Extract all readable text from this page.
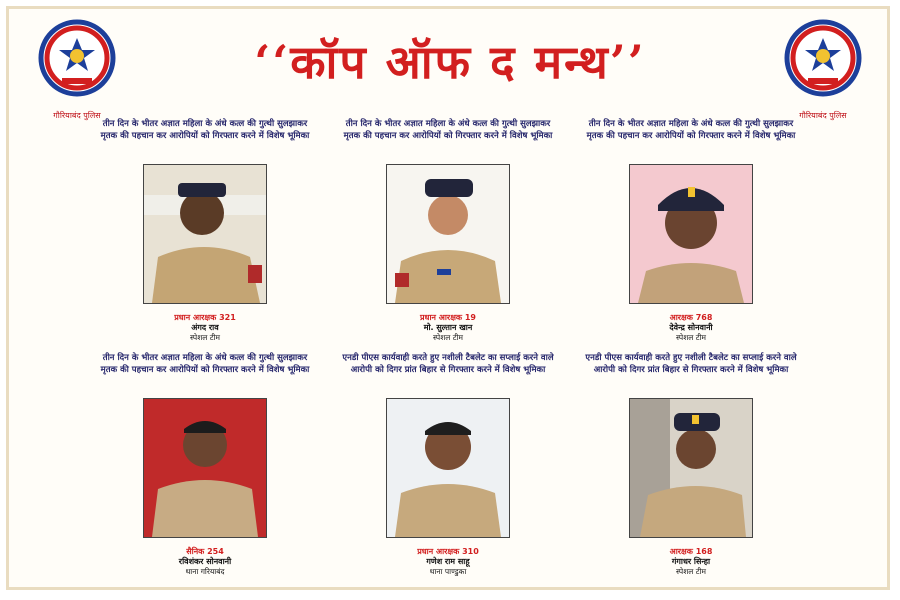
गौरियाबंद पुलिस	गौरियाबंद पुलिस
‘‘कॉप ऑफ द मन्थ’’
तीन दिन के भीतर अज्ञात महिला के अंधे कत्ल की गुत्थी सुलझाकर मृतक की पहचान कर आरोपियों को गिरफ्तार करने में विशेष भूमिका
प्रधान आरक्षक 321
अंगद राव
स्पेशल टीम
तीन दिन के भीतर अज्ञात महिला के अंधे कत्ल की गुत्थी सुलझाकर मृतक की पहचान कर आरोपियों को गिरफ्तार करने में विशेष भूमिका
प्रधान आरक्षक 19
मो. सुल्तान खान
स्पेशल टीम
तीन दिन के भीतर अज्ञात महिला के अंधे कत्ल की गुत्थी सुलझाकर मृतक की पहचान कर आरोपियों को गिरफ्तार करने में विशेष भूमिका
आरक्षक 768
देवेन्द्र सोनवानी
स्पेशल टीम
तीन दिन के भीतर अज्ञात महिला के अंधे कत्ल की गुत्थी सुलझाकर मृतक की पहचान कर आरोपियों को गिरफ्तार करने में विशेष भूमिका
सैनिक 254
रविशंकर सोनवानी
थाना गरियाबंद
एनडी पीएस कार्यवाही करते हुए नशीली टैबलेट का सप्लाई करने वाले आरोपी को दिगर प्रांत बिहार से गिरफ्तार करने में विशेष भूमिका
प्रधान आरक्षक 310
गणेश राम साहू
थाना पाण्डुका
एनडी पीएस कार्यवाही करते हुए नशीली टैबलेट का सप्लाई करने वाले आरोपी को दिगर प्रांत बिहार से गिरफ्तार करने में विशेष भूमिका
आरक्षक 168
गंगाधर सिन्हा
स्पेशल टीम
